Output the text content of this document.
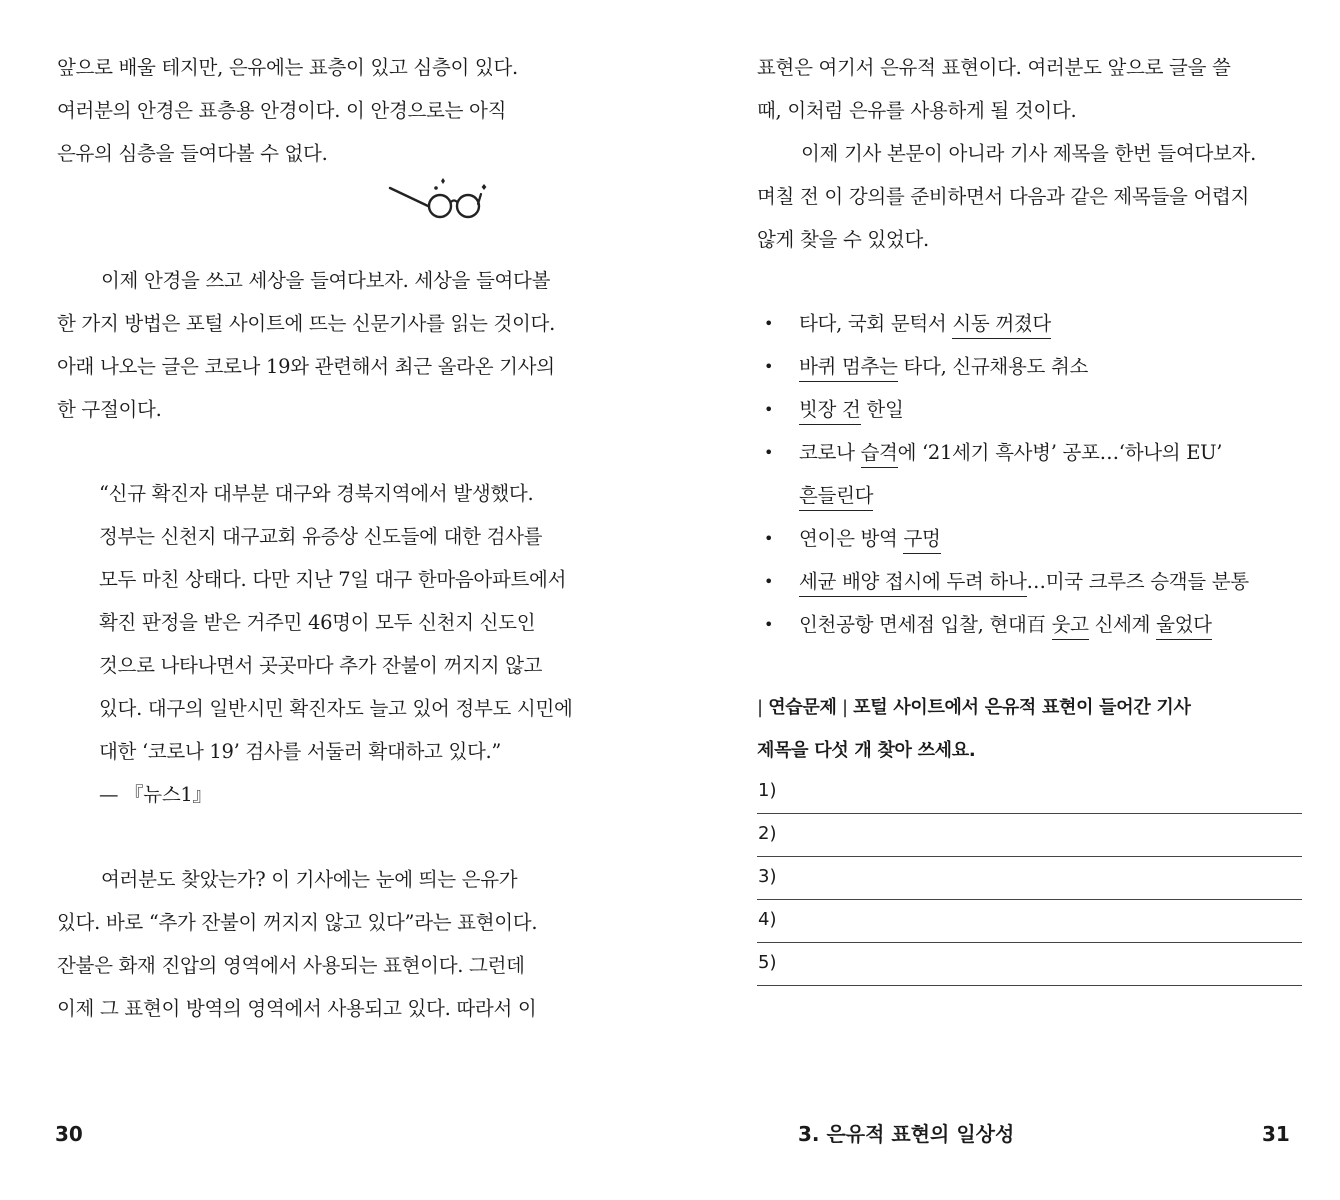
앞으로 배울 테지만, 은유에는 표층이 있고 심층이 있다.
여러분의 안경은 표층용 안경이다. 이 안경으로는 아직
은유의 심층을 들여다볼 수 없다.
이제 안경을 쓰고 세상을 들여다보자. 세상을 들여다볼
한 가지 방법은 포털 사이트에 뜨는 신문기사를 읽는 것이다.
아래 나오는 글은 코로나 19와 관련해서 최근 올라온 기사의
한 구절이다.
“신규 확진자 대부분 대구와 경북지역에서 발생했다.
정부는 신천지 대구교회 유증상 신도들에 대한 검사를
모두 마친 상태다. 다만 지난 7일 대구 한마음아파트에서
확진 판정을 받은 거주민 46명이 모두 신천지 신도인
것으로 나타나면서 곳곳마다 추가 잔불이 꺼지지 않고
있다. 대구의 일반시민 확진자도 늘고 있어 정부도 시민에
대한 ‘코로나 19’ 검사를 서둘러 확대하고 있다.”
— 『뉴스1』
여러분도 찾았는가? 이 기사에는 눈에 띄는 은유가
있다. 바로 “추가 잔불이 꺼지지 않고 있다”라는 표현이다.
잔불은 화재 진압의 영역에서 사용되는 표현이다. 그런데
이제 그 표현이 방역의 영역에서 사용되고 있다. 따라서 이
30
표현은 여기서 은유적 표현이다. 여러분도 앞으로 글을 쓸
때, 이처럼 은유를 사용하게 될 것이다.
이제 기사 본문이 아니라 기사 제목을 한번 들여다보자.
며칠 전 이 강의를 준비하면서 다음과 같은 제목들을 어렵지
않게 찾을 수 있었다.
• 타다, 국회 문턱서 시동 꺼졌다
• 바퀴 멈추는 타다, 신규채용도 취소
• 빗장 건 한일
• 코로나 습격에 ‘21세기 흑사병’ 공포…‘하나의 EU’
흔들린다
• 연이은 방역 구멍
• 세균 배양 접시에 두려 하나…미국 크루즈 승객들 분통
• 인천공항 면세점 입찰, 현대百 웃고 신세계 울었다
| 연습문제 | 포털 사이트에서 은유적 표현이 들어간 기사
제목을 다섯 개 찾아 쓰세요.
1)
2)
3)
4)
5)
3. 은유적 표현의 일상성	31
